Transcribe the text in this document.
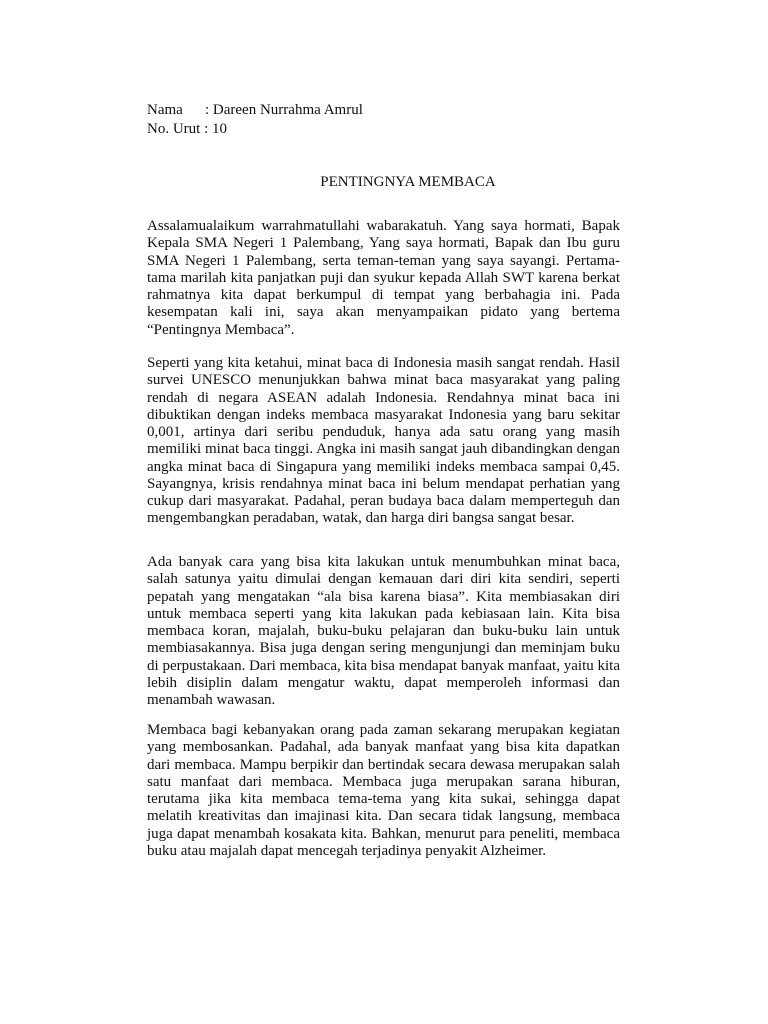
Nama : Dareen Nurrahma Amrul
No. Urut : 10
PENTINGNYA MEMBACA

Assalamualaikum warrahmatullahi wabarakatuh. Yang saya hormati, Bapak Kepala SMA Negeri 1 Palembang, Yang saya hormati, Bapak dan Ibu guru SMA Negeri 1 Palembang, serta teman-teman yang saya sayangi. Pertama-tama marilah kita panjatkan puji dan syukur kepada Allah SWT karena berkat rahmatnya kita dapat berkumpul di tempat yang berbahagia ini. Pada kesempatan kali ini, saya akan menyampaikan pidato yang bertema “Pentingnya Membaca”.

Seperti yang kita ketahui, minat baca di Indonesia masih sangat rendah. Hasil survei UNESCO menunjukkan bahwa minat baca masyarakat yang paling rendah di negara ASEAN adalah Indonesia. Rendahnya minat baca ini dibuktikan dengan indeks membaca masyarakat Indonesia yang baru sekitar 0,001, artinya dari seribu penduduk, hanya ada satu orang yang masih memiliki minat baca tinggi. Angka ini masih sangat jauh dibandingkan dengan angka minat baca di Singapura yang memiliki indeks membaca sampai 0,45. Sayangnya, krisis rendahnya minat baca ini belum mendapat perhatian yang cukup dari masyarakat. Padahal, peran budaya baca dalam memperteguh dan mengembangkan peradaban, watak, dan harga diri bangsa sangat besar.

Ada banyak cara yang bisa kita lakukan untuk menumbuhkan minat baca, salah satunya yaitu dimulai dengan kemauan dari diri kita sendiri, seperti pepatah yang mengatakan “ala bisa karena biasa”. Kita membiasakan diri untuk membaca seperti yang kita lakukan pada kebiasaan lain. Kita bisa membaca koran, majalah, buku-buku pelajaran dan buku-buku lain untuk membiasakannya. Bisa juga dengan sering mengunjungi dan meminjam buku di perpustakaan. Dari membaca, kita bisa mendapat banyak manfaat, yaitu kita lebih disiplin dalam mengatur waktu, dapat memperoleh informasi dan menambah wawasan.

Membaca bagi kebanyakan orang pada zaman sekarang merupakan kegiatan yang membosankan. Padahal, ada banyak manfaat yang bisa kita dapatkan dari membaca. Mampu berpikir dan bertindak secara dewasa merupakan salah satu manfaat dari membaca. Membaca juga merupakan sarana hiburan, terutama jika kita membaca tema-tema yang kita sukai, sehingga dapat melatih kreativitas dan imajinasi kita. Dan secara tidak langsung, membaca juga dapat menambah kosakata kita. Bahkan, menurut para peneliti, membaca buku atau majalah dapat mencegah terjadinya penyakit Alzheimer.
